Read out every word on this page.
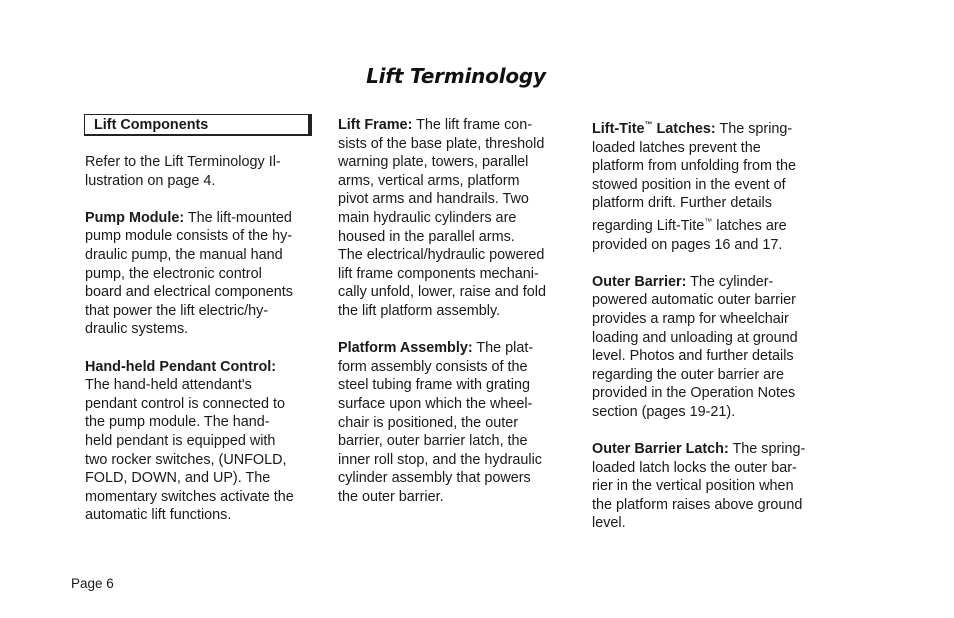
Lift Terminology
Lift Components
Refer to the Lift Terminology Il-
lustration on page 4.
Pump Module: The lift-mounted
pump module consists of the hy-
draulic pump, the manual hand
pump, the electronic control
board and electrical components
that power the lift electric/hy-
draulic systems.
Hand-held Pendant Control:
The hand-held attendant's
pendant control is connected to
the pump module. The hand-
held pendant is equipped with
two rocker switches, (UNFOLD,
FOLD, DOWN, and UP). The
momentary switches activate the
automatic lift functions.
Lift Frame: The lift frame con-
sists of the base plate, threshold
warning plate, towers, parallel
arms, vertical arms, platform
pivot arms and handrails. Two
main hydraulic cylinders are
housed in the parallel arms.
The electrical/hydraulic powered
lift frame components mechani-
cally unfold, lower, raise and fold
the lift platform assembly.
Platform Assembly: The plat-
form assembly consists of the
steel tubing frame with grating
surface upon which the wheel-
chair is positioned, the outer
barrier, outer barrier latch, the
inner roll stop, and the hydraulic
cylinder assembly that powers
the outer barrier.
Lift-Tite™ Latches: The spring-
loaded latches prevent the
platform from unfolding from the
stowed position in the event of
platform drift. Further details
regarding Lift-Tite™ latches are
provided on pages 16 and 17.
Outer Barrier: The cylinder-
powered automatic outer barrier
provides a ramp for wheelchair
loading and unloading at ground
level. Photos and further details
regarding the outer barrier are
provided in the Operation Notes
section (pages 19-21).
Outer Barrier Latch: The spring-
loaded latch locks the outer bar-
rier in the vertical position when
the platform raises above ground
level.
Page 6
